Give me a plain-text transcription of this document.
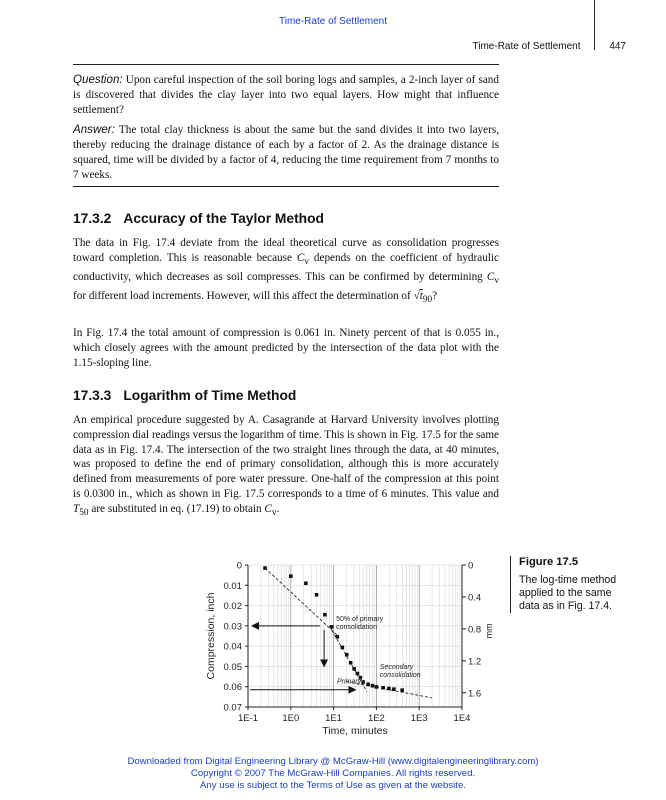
Time-Rate of Settlement
Time-Rate of Settlement	447
Question: Upon careful inspection of the soil boring logs and samples, a 2-inch layer of sand is discovered that divides the clay layer into two equal layers. How might that influence settlement?
Answer: The total clay thickness is about the same but the sand divides it into two layers, thereby reducing the drainage distance of each by a factor of 2. As the drainage distance is squared, time will be divided by a factor of 4, reducing the time requirement from 7 months to 7 weeks.
17.3.2 Accuracy of the Taylor Method
The data in Fig. 17.4 deviate from the ideal theoretical curve as consolidation progresses toward completion. This is reasonable because $C_v$ depends on the coefficient of hydraulic conductivity, which decreases as soil compresses. This can be confirmed by determining $C_v$ for different load increments. However, will this affect the determination of $√t_{90}$?
In Fig. 17.4 the total amount of compression is 0.061 in. Ninety percent of that is 0.055 in., which closely agrees with the amount predicted by the intersection of the data plot with the 1.15-sloping line.
17.3.3 Logarithm of Time Method
An empirical procedure suggested by A. Casagrande at Harvard University involves plotting compression dial readings versus the logarithm of time. This is shown in Fig. 17.5 for the same data as in Fig. 17.4. The intersection of the two straight lines through the data, at 40 minutes, was proposed to define the end of primary consolidation, although this is more accurately defined from measurements of pore water pressure. One-half of the compression at this point is 0.0300 in., which as shown in Fig. 17.5 corresponds to a time of 6 minutes. This value and $T_{50}$ are substituted in eq. (17.19) to obtain $C_v$.
0
0.01
0.02
0.03
0.04
0.05
0.06
0.07
0
0.4
0.8
1.2
1.6
1E-1	1E0	1E1	1E2	1E3	1E4
Time, minutes
Compression, inch	mm
50% of primary
consolidation
Secondary
consolidation
Primary
Figure 17.5
The log-time method applied to the same data as in Fig. 17.4.
Downloaded from Digital Engineering Library @ McGraw-Hill (www.digitalengineeringlibrary.com)
Copyright © 2007 The McGraw-Hill Companies. All rights reserved.
Any use is subject to the Terms of Use as given at the website.
